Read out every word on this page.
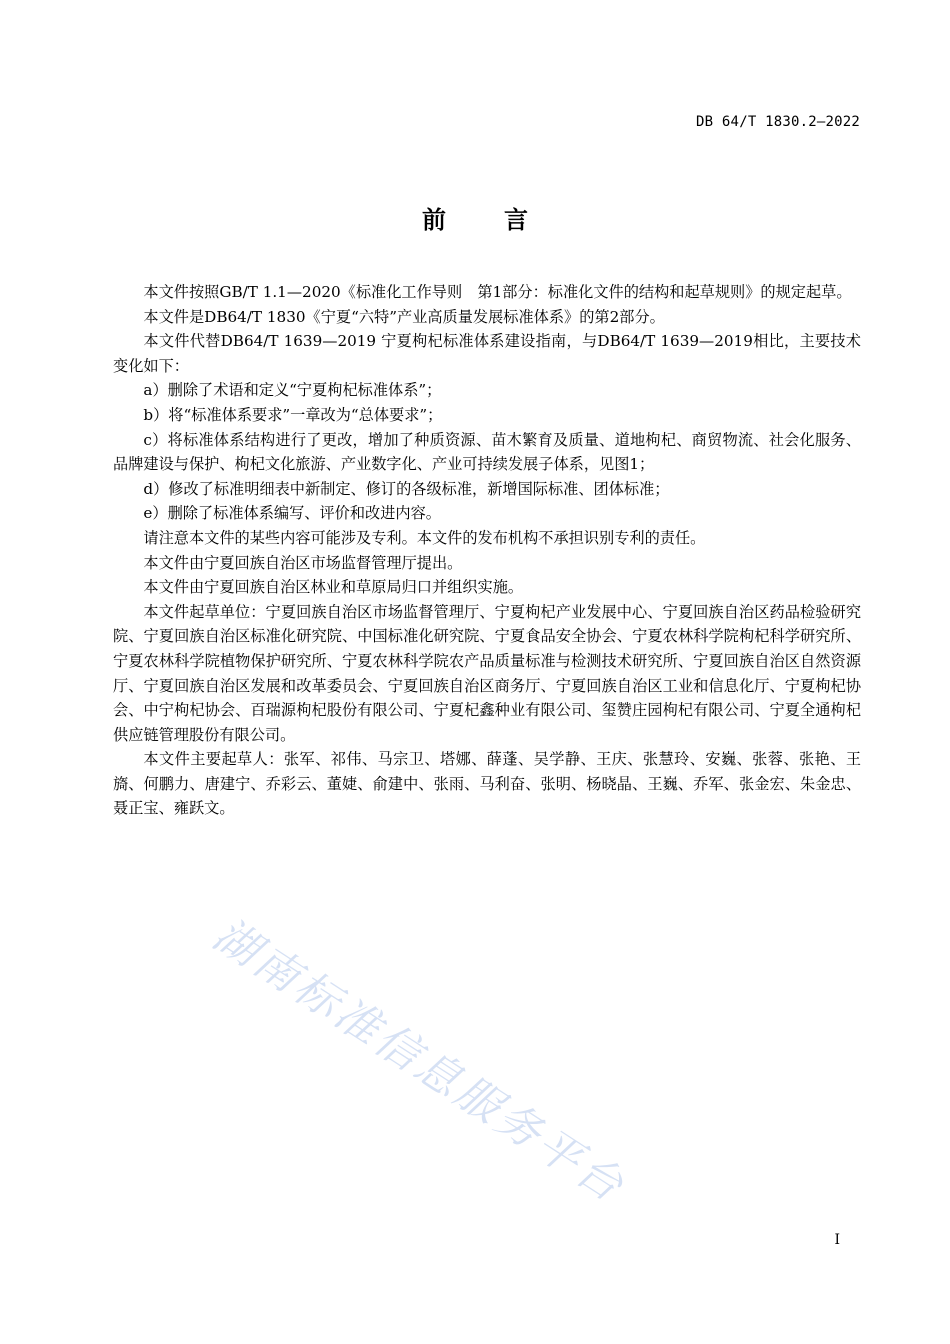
DB 64/T 1830.2—2022
前言

本文件按照GB/T 1.1—2020《标准化工作导则　第1部分：标准化文件的结构和起草规则》的规定起草。

本文件是DB64/T 1830《宁夏“六特”产业高质量发展标准体系》的第2部分。

本文件代替DB64/T 1639—2019 宁夏枸杞标准体系建设指南，与DB64/T 1639—2019相比，主要技术变化如下：

a）删除了术语和定义“宁夏枸杞标准体系”；

b）将“标准体系要求”一章改为“总体要求”；

c）将标准体系结构进行了更改，增加了种质资源、苗木繁育及质量、道地枸杞、商贸物流、社会化服务、品牌建设与保护、枸杞文化旅游、产业数字化、产业可持续发展子体系，见图1；

d）修改了标准明细表中新制定、修订的各级标准，新增国际标准、团体标准；

e）删除了标准体系编写、评价和改进内容。

请注意本文件的某些内容可能涉及专利。本文件的发布机构不承担识别专利的责任。

本文件由宁夏回族自治区市场监督管理厅提出。

本文件由宁夏回族自治区林业和草原局归口并组织实施。

本文件起草单位：宁夏回族自治区市场监督管理厅、宁夏枸杞产业发展中心、宁夏回族自治区药品检验研究院、宁夏回族自治区标准化研究院、中国标准化研究院、宁夏食品安全协会、宁夏农林科学院枸杞科学研究所、宁夏农林科学院植物保护研究所、宁夏农林科学院农产品质量标准与检测技术研究所、宁夏回族自治区自然资源厅、宁夏回族自治区发展和改革委员会、宁夏回族自治区商务厅、宁夏回族自治区工业和信息化厅、宁夏枸杞协会、中宁枸杞协会、百瑞源枸杞股份有限公司、宁夏杞鑫种业有限公司、玺赞庄园枸杞有限公司、宁夏全通枸杞供应链管理股份有限公司。

本文件主要起草人：张军、祁伟、马宗卫、塔娜、薛蓬、吴学静、王庆、张慧玲、安巍、张蓉、张艳、王旖、何鹏力、唐建宁、乔彩云、董婕、俞建中、张雨、马利奋、张明、杨晓晶、王巍、乔军、张金宏、朱金忠、聂正宝、雍跃文。

湖南标准信息服务平台
I
